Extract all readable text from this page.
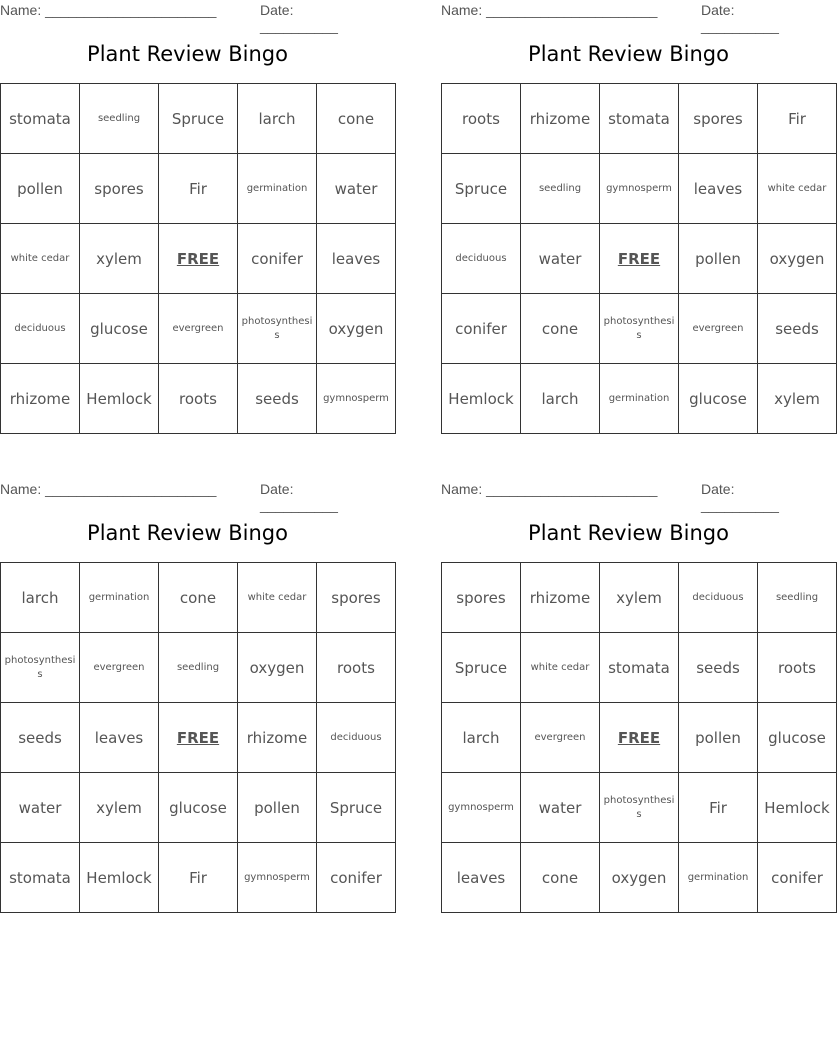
Name: ______________________	Date: __________
Plant Review Bingo
stomata	seedling	Spruce	larch	cone
pollen	spores	Fir	germination	water
white cedar	xylem	FREE	conifer	leaves
deciduous	glucose	evergreen	photosynthesis	oxygen
rhizome	Hemlock	roots	seeds	gymnosperm
Name: ______________________	Date: __________
Plant Review Bingo
roots	rhizome	stomata	spores	Fir
Spruce	seedling	gymnosperm	leaves	white cedar
deciduous	water	FREE	pollen	oxygen
conifer	cone	photosynthesis	evergreen	seeds
Hemlock	larch	germination	glucose	xylem
Name: ______________________	Date: __________
Plant Review Bingo
larch	germination	cone	white cedar	spores
photosynthesis	evergreen	seedling	oxygen	roots
seeds	leaves	FREE	rhizome	deciduous
water	xylem	glucose	pollen	Spruce
stomata	Hemlock	Fir	gymnosperm	conifer
Name: ______________________	Date: __________
Plant Review Bingo
spores	rhizome	xylem	deciduous	seedling
Spruce	white cedar	stomata	seeds	roots
larch	evergreen	FREE	pollen	glucose
gymnosperm	water	photosynthesis	Fir	Hemlock
leaves	cone	oxygen	germination	conifer
